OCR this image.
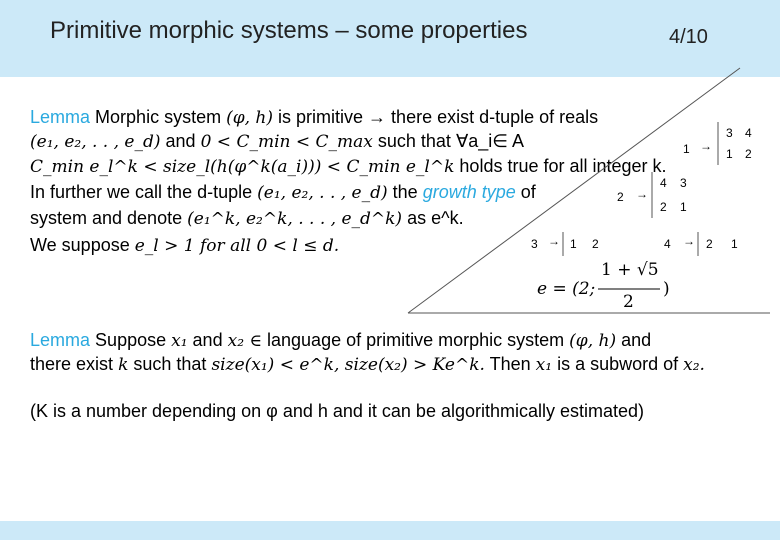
Primitive morphic systems – some properties	4/10
Lemma Morphic system (φ, h) is primitive → there exist d-tuple of reals
(e₁, e₂, . . , e_d) and 0 < C_min < C_max such that ∀a_i∈ A
C_min e_l^k < size_l(h(φ^k(a_i))) < C_min e_l^k holds true for all integer k.
In further we call the d-tuple (e₁, e₂, . . , e_d) the growth type of
system and denote (e₁^k, e₂^k, . . . , e_d^k) as e^k.
We suppose e_l > 1 for all 0 < l ≤ d.
1 →
3 4
1 2
2 →
4 3
2 1
3 → 1 2	4 → 2 1
e = (2;
1 + √5
2
)
Lemma Suppose x₁ and x₂ ∈ language of primitive morphic system (φ, h) and
there exist k such that size(x₁) < e^k, size(x₂) > Ke^k. Then x₁ is a subword of x₂.
(K is a number depending on φ and h and it can be algorithmically estimated)
